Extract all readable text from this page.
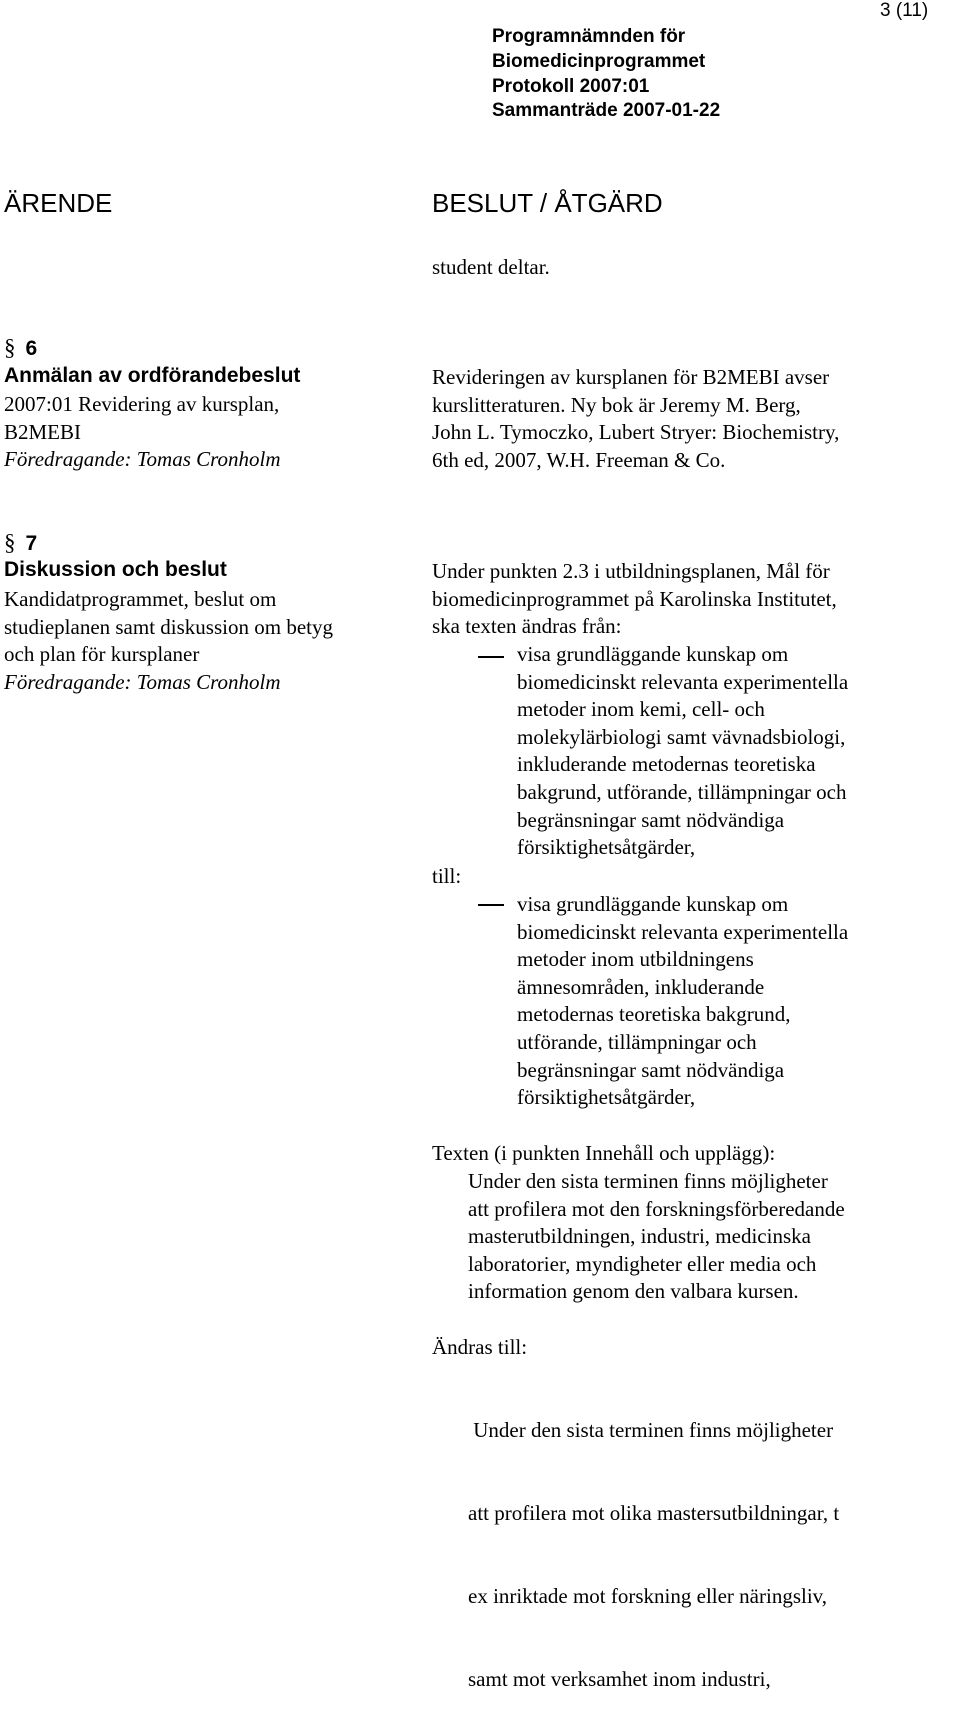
3 (11)
Programnämnden för
Biomedicinprogrammet
Protokoll 2007:01
Sammanträde 2007-01-22
ÄRENDE	BESLUT / ÅTGÄRD
student deltar.
§ 6
Anmälan av ordförandebeslut
2007:01 Revidering av kursplan,
B2MEBI
Föredragande: Tomas Cronholm
Revideringen av kursplanen för B2MEBI avser
kurslitteraturen. Ny bok är Jeremy M. Berg,
John L. Tymoczko, Lubert Stryer: Biochemistry,
6th ed, 2007, W.H. Freeman & Co.
§ 7
Diskussion och beslut
Kandidatprogrammet, beslut om
studieplanen samt diskussion om betyg
och plan för kursplaner
Föredragande: Tomas Cronholm
Under punkten 2.3 i utbildningsplanen, Mål för
biomedicinprogrammet på Karolinska Institutet,
ska texten ändras från:
visa grundläggande kunskap om
biomedicinskt relevanta experimentella
metoder inom kemi, cell- och
molekylärbiologi samt vävnadsbiologi,
inkluderande metodernas teoretiska
bakgrund, utförande, tillämpningar och
begränsningar samt nödvändiga
försiktighetsåtgärder,
till:
visa grundläggande kunskap om
biomedicinskt relevanta experimentella
metoder inom utbildningens
ämnesområden, inkluderande
metodernas teoretiska bakgrund,
utförande, tillämpningar och
begränsningar samt nödvändiga
försiktighetsåtgärder,
Texten (i punkten Innehåll och upplägg):
Under den sista terminen finns möjligheter
att profilera mot den forskningsförberedande
masterutbildningen, industri, medicinska
laboratorier, myndigheter eller media och
information genom den valbara kursen.
Ändras till:

Under den sista terminen finns möjligheter

att profilera mot olika mastersutbildningar, t

ex inriktade mot forskning eller näringsliv,

samt mot verksamhet inom industri,
